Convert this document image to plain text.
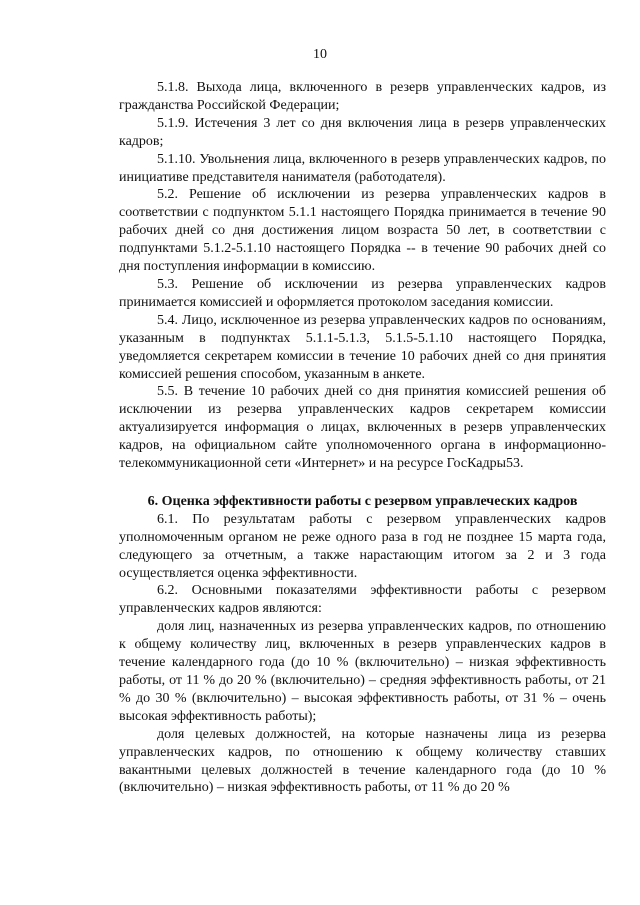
10

5.1.8. Выхода лица, включенного в резерв управленческих кадров, из гражданства Российской Федерации;

5.1.9. Истечения 3 лет со дня включения лица в резерв управленческих кадров;

5.1.10. Увольнения лица, включенного в резерв управленческих кадров, по инициативе представителя нанимателя (работодателя).

5.2. Решение об исключении из резерва управленческих кадров в соответствии с подпунктом 5.1.1 настоящего Порядка принимается в течение 90 рабочих дней со дня достижения лицом возраста 50 лет, в соответствии с подпунктами 5.1.2-5.1.10 настоящего Порядка -- в течение 90 рабочих дней со дня поступления информации в комиссию.

5.3. Решение об исключении из резерва управленческих кадров принимается комиссией и оформляется протоколом заседания комиссии.

5.4. Лицо, исключенное из резерва управленческих кадров по основаниям, указанным в подпунктах 5.1.1-5.1.3, 5.1.5-5.1.10 настоящего Порядка, уведомляется секретарем комиссии в течение 10 рабочих дней со дня принятия комиссией решения способом, указанным в анкете.

5.5. В течение 10 рабочих дней со дня принятия комиссией решения об исключении из резерва управленческих кадров секретарем комиссии актуализируется информация о лицах, включенных в резерв управленческих кадров, на официальном сайте уполномоченного органа в информационно-телекоммуникационной сети «Интернет» и на ресурсе ГосКадры53.

6. Оценка эффективности работы с резервом управлеческих кадров

6.1. По результатам работы с резервом управленческих кадров уполномоченным органом не реже одного раза в год не позднее 15 марта года, следующего за отчетным, а также нарастающим итогом за 2 и 3 года осуществляется оценка эффективности.

6.2. Основными показателями эффективности работы с резервом управленческих кадров являются:

доля лиц, назначенных из резерва управленческих кадров, по отношению к общему количеству лиц, включенных в резерв управленческих кадров в течение календарного года (до 10 % (включительно) – низкая эффективность работы, от 11 % до 20 % (включительно) – средняя эффективность работы, от 21 % до 30 % (включительно) – высокая эффективность работы, от 31 % – очень высокая эффективность работы);

доля целевых должностей, на которые назначены лица из резерва управленческих кадров, по отношению к общему количеству ставших вакантными целевых должностей в течение календарного года (до 10 % (включительно) – низкая эффективность работы, от 11 % до 20 %
